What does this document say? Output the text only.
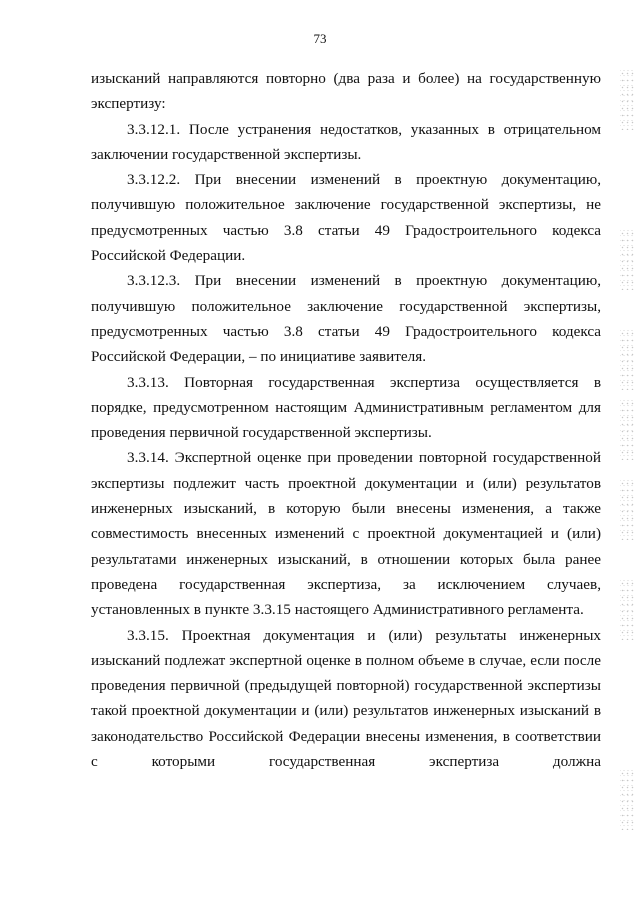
73

изысканий направляются повторно (два раза и более) на государственную экспертизу:

3.3.12.1. После устранения недостатков, указанных в отрицательном заключении государственной экспертизы.

3.3.12.2. При внесении изменений в проектную документацию, получившую положительное заключение государственной экспертизы, не предусмотренных частью 3.8 статьи 49 Градостроительного кодекса Российской Федерации.

3.3.12.3. При внесении изменений в проектную документацию, получившую положительное заключение государственной экспертизы, предусмотренных частью 3.8 статьи 49 Градостроительного кодекса Российской Федерации, – по инициативе заявителя.

3.3.13. Повторная государственная экспертиза осуществляется в порядке, предусмотренном настоящим Административным регламентом для проведения первичной государственной экспертизы.

3.3.14. Экспертной оценке при проведении повторной государственной экспертизы подлежит часть проектной документации и (или) результатов инженерных изысканий, в которую были внесены изменения, а также совместимость внесенных изменений с проектной документацией и (или) результатами инженерных изысканий, в отношении которых была ранее проведена государственная экспертиза, за исключением случаев, установленных в пункте 3.3.15 настоящего Административного регламента.

3.3.15. Проектная документация и (или) результаты инженерных изысканий подлежат экспертной оценке в полном объеме в случае, если после проведения первичной (предыдущей повторной) государственной экспертизы такой проектной документации и (или) результатов инженерных изысканий в законодательство Российской Федерации внесены изменения, в соответствии с которыми государственная экспертиза должна
